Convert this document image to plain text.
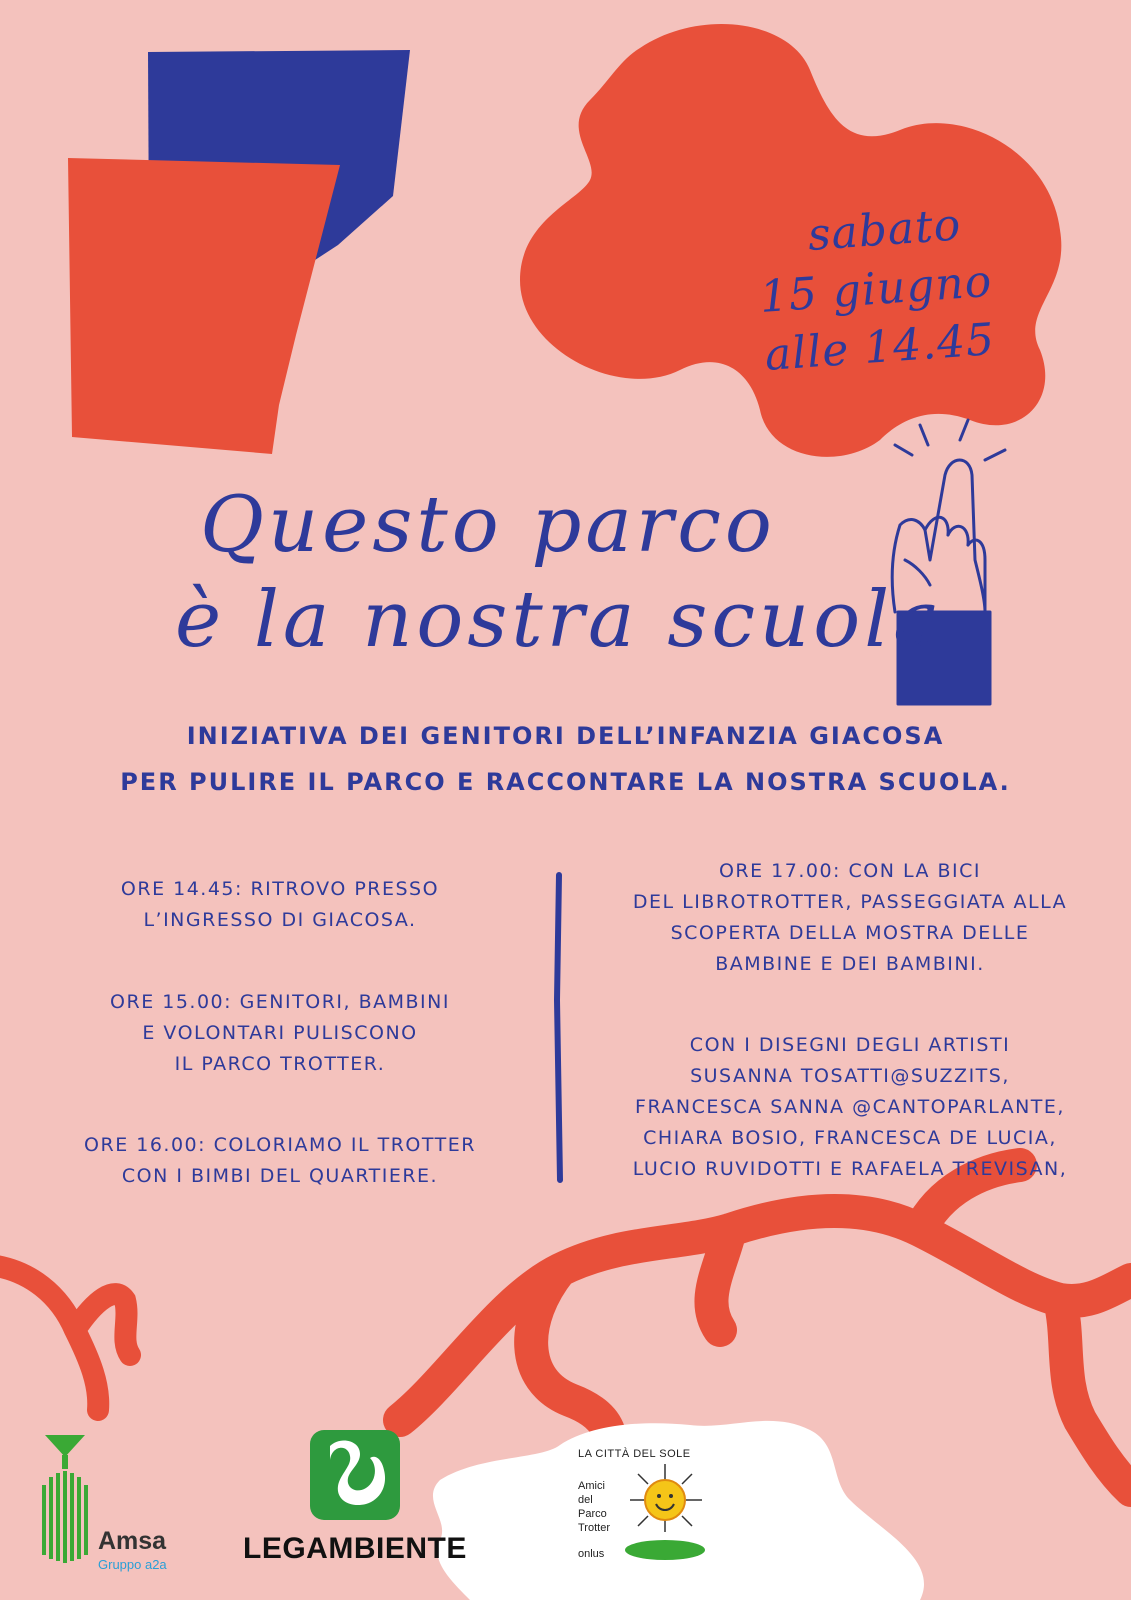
sabato
15 giugno
alle 14.45
Questo parco
è la nostra scuola
INIZIATIVA DEI GENITORI DELL’INFANZIA GIACOSA
PER PULIRE IL PARCO E RACCONTARE LA NOSTRA SCUOLA.
ORE 14.45: RITROVO PRESSO
L’INGRESSO DI GIACOSA.
ORE 15.00: GENITORI, BAMBINI
E VOLONTARI PULISCONO
IL PARCO TROTTER.
ORE 16.00: COLORIAMO IL TROTTER
CON I BIMBI DEL QUARTIERE.
ORE 17.00: CON LA BICI
DEL LIBROTROTTER, PASSEGGIATA ALLA
SCOPERTA DELLA MOSTRA DELLE
BAMBINE E DEI BAMBINI.
CON I DISEGNI DEGLI ARTISTI
SUSANNA TOSATTI@SUZZITS,
FRANCESCA SANNA @CANTOPARLANTE,
CHIARA BOSIO, FRANCESCA DE LUCIA,
LUCIO RUVIDOTTI E RAFAELA TREVISAN,
Amsa
Gruppo a2a	LEGAMBIENTE
LA CITTÀ DEL SOLE
Amici
del
Parco
Trotter
onlus
